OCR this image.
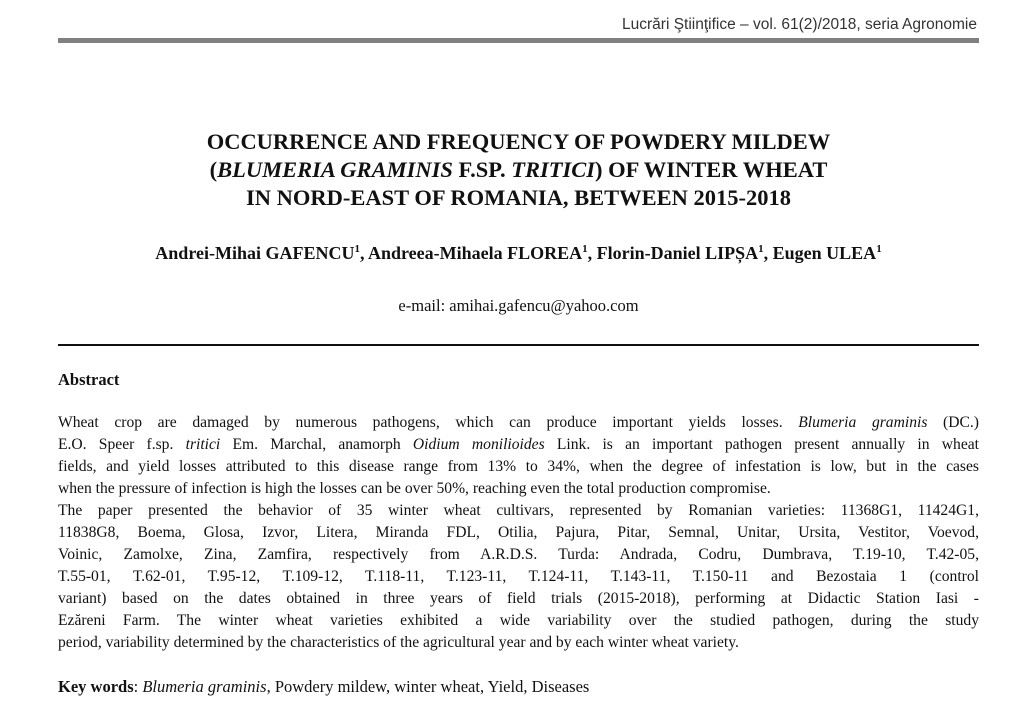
Lucrări Ştiinţifice – vol. 61(2)/2018, seria Agronomie
OCCURRENCE AND FREQUENCY OF POWDERY MILDEW
(BLUMERIA GRAMINIS F.SP. TRITICI) OF WINTER WHEAT
IN NORD-EAST OF ROMANIA, BETWEEN 2015-2018
Andrei-Mihai GAFENCU$^1$, Andreea-Mihaela FLOREA$^1$, Florin-Daniel LIPȘA$^1$, Eugen ULEA$^1$
e-mail: amihai.gafencu@yahoo.com
Abstract
Wheat crop are damaged by numerous pathogens, which can produce important yields losses. Blumeria graminis (DC.)
E.O. Speer f.sp. tritici Em. Marchal, anamorph Oidium monilioides Link. is an important pathogen present annually in wheat
fields, and yield losses attributed to this disease range from 13% to 34%, when the degree of infestation is low, but in the cases
when the pressure of infection is high the losses can be over 50%, reaching even the total production compromise.
The paper presented the behavior of 35 winter wheat cultivars, represented by Romanian varieties: 11368G1, 11424G1,
11838G8, Boema, Glosa, Izvor, Litera, Miranda FDL, Otilia, Pajura, Pitar, Semnal, Unitar, Ursita, Vestitor, Voevod,
Voinic, Zamolxe, Zina, Zamfira, respectively from A.R.D.S. Turda: Andrada, Codru, Dumbrava, T.19-10, T.42-05,
T.55-01, T.62-01, T.95-12, T.109-12, T.118-11, T.123-11, T.124-11, T.143-11, T.150-11 and Bezostaia 1 (control
variant) based on the dates obtained in three years of field trials (2015-2018), performing at Didactic Station Iasi -
Ezăreni Farm. The winter wheat varieties exhibited a wide variability over the studied pathogen, during the study
period, variability determined by the characteristics of the agricultural year and by each winter wheat variety.
Key words: Blumeria graminis, Powdery mildew, winter wheat, Yield, Diseases
